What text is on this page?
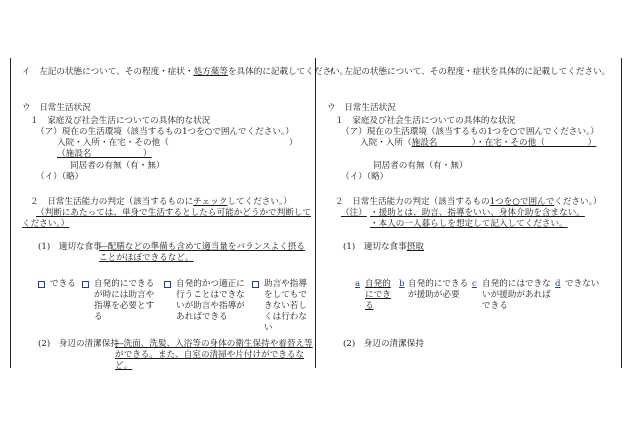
イ　左記の状態について、その程度・症状・処方薬等を具体的に記載してください。
ウ　日常生活状況
１　家庭及び社会生活についての具体的な状況
（ア）現在の生活環境（該当するもの1つを○で囲んでください。）
入院・入所・在宅・その他（　　　　　　　　　　　　　　）
（施設名　　　　　　）
同居者の有無（有・無）
（イ）（略）
２　日常生活能力の判定（該当するものにチェックしてください。）
（判断にあたっては、単身で生活するとしたら可能かどうかで判断してください。）
(1)　適切な食事
―配膳などの準備も含めて適当量をバランスよく摂ることがほぼできるなど。
できる 自発的にできるが時には助言や指導を必要とする
自発的かつ適正に行うことはできないが助言や指導があればできる
助言や指導をしてもできない若しくは行わない
(2)　身辺の清潔保持
―洗面、洗髪、入浴等の身体の衛生保持や着替え等ができる。また、自室の清掃や片付けができるなど。
イ　左記の状態について、その程度・症状を具体的に記載してください。
ウ　日常生活状況
１　家庭及び社会生活についての具体的な状況
（ア）現在の生活環境（該当するもの1つを○で囲んでください。）
入院・入所（施設名　　　　）・在宅・その他（　　　　　）
同居者の有無（有・無）
（イ）（略）
２　日常生活能力の判定（該当するもの1つを○で囲んでください。）
（注） ・援助とは、助言、指導をいい、身体介助を含まない。
・本人の一人暮らしを想定して記入してください。
(1)　適切な食事摂取
a 自発的にできる
b 自発的にできるが援助が必要
c 自発的にはできないが援助があればできる
d できない
(2)　身辺の清潔保持
